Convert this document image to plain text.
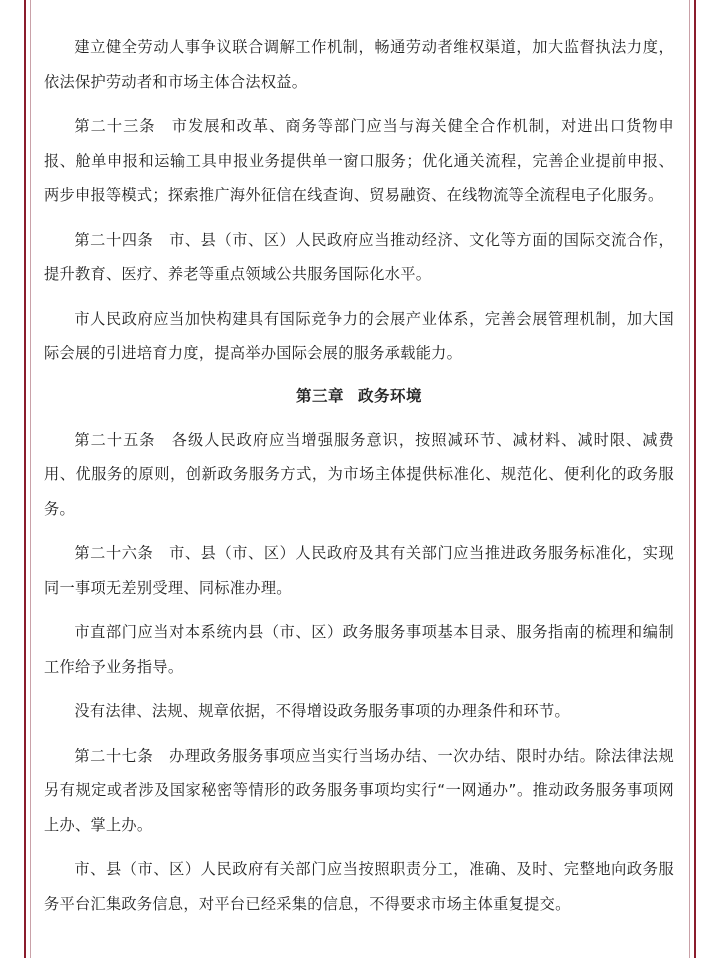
建立健全劳动人事争议联合调解工作机制，畅通劳动者维权渠道，加大监督执法力度，依法保护劳动者和市场主体合法权益。

第二十三条　市发展和改革、商务等部门应当与海关健全合作机制，对进出口货物申报、舱单申报和运输工具申报业务提供单一窗口服务；优化通关流程，完善企业提前申报、两步申报等模式；探索推广海外征信在线查询、贸易融资、在线物流等全流程电子化服务。

第二十四条　市、县（市、区）人民政府应当推动经济、文化等方面的国际交流合作，提升教育、医疗、养老等重点领域公共服务国际化水平。

市人民政府应当加快构建具有国际竞争力的会展产业体系，完善会展管理机制，加大国际会展的引进培育力度，提高举办国际会展的服务承载能力。

第三章 政务环境

第二十五条　各级人民政府应当增强服务意识，按照减环节、减材料、减时限、减费用、优服务的原则，创新政务服务方式，为市场主体提供标准化、规范化、便利化的政务服务。

第二十六条　市、县（市、区）人民政府及其有关部门应当推进政务服务标准化，实现同一事项无差别受理、同标准办理。

市直部门应当对本系统内县（市、区）政务服务事项基本目录、服务指南的梳理和编制工作给予业务指导。

没有法律、法规、规章依据，不得增设政务服务事项的办理条件和环节。

第二十七条　办理政务服务事项应当实行当场办结、一次办结、限时办结。除法律法规另有规定或者涉及国家秘密等情形的政务服务事项均实行“一网通办”。推动政务服务事项网上办、掌上办。

市、县（市、区）人民政府有关部门应当按照职责分工，准确、及时、完整地向政务服务平台汇集政务信息，对平台已经采集的信息，不得要求市场主体重复提交。
